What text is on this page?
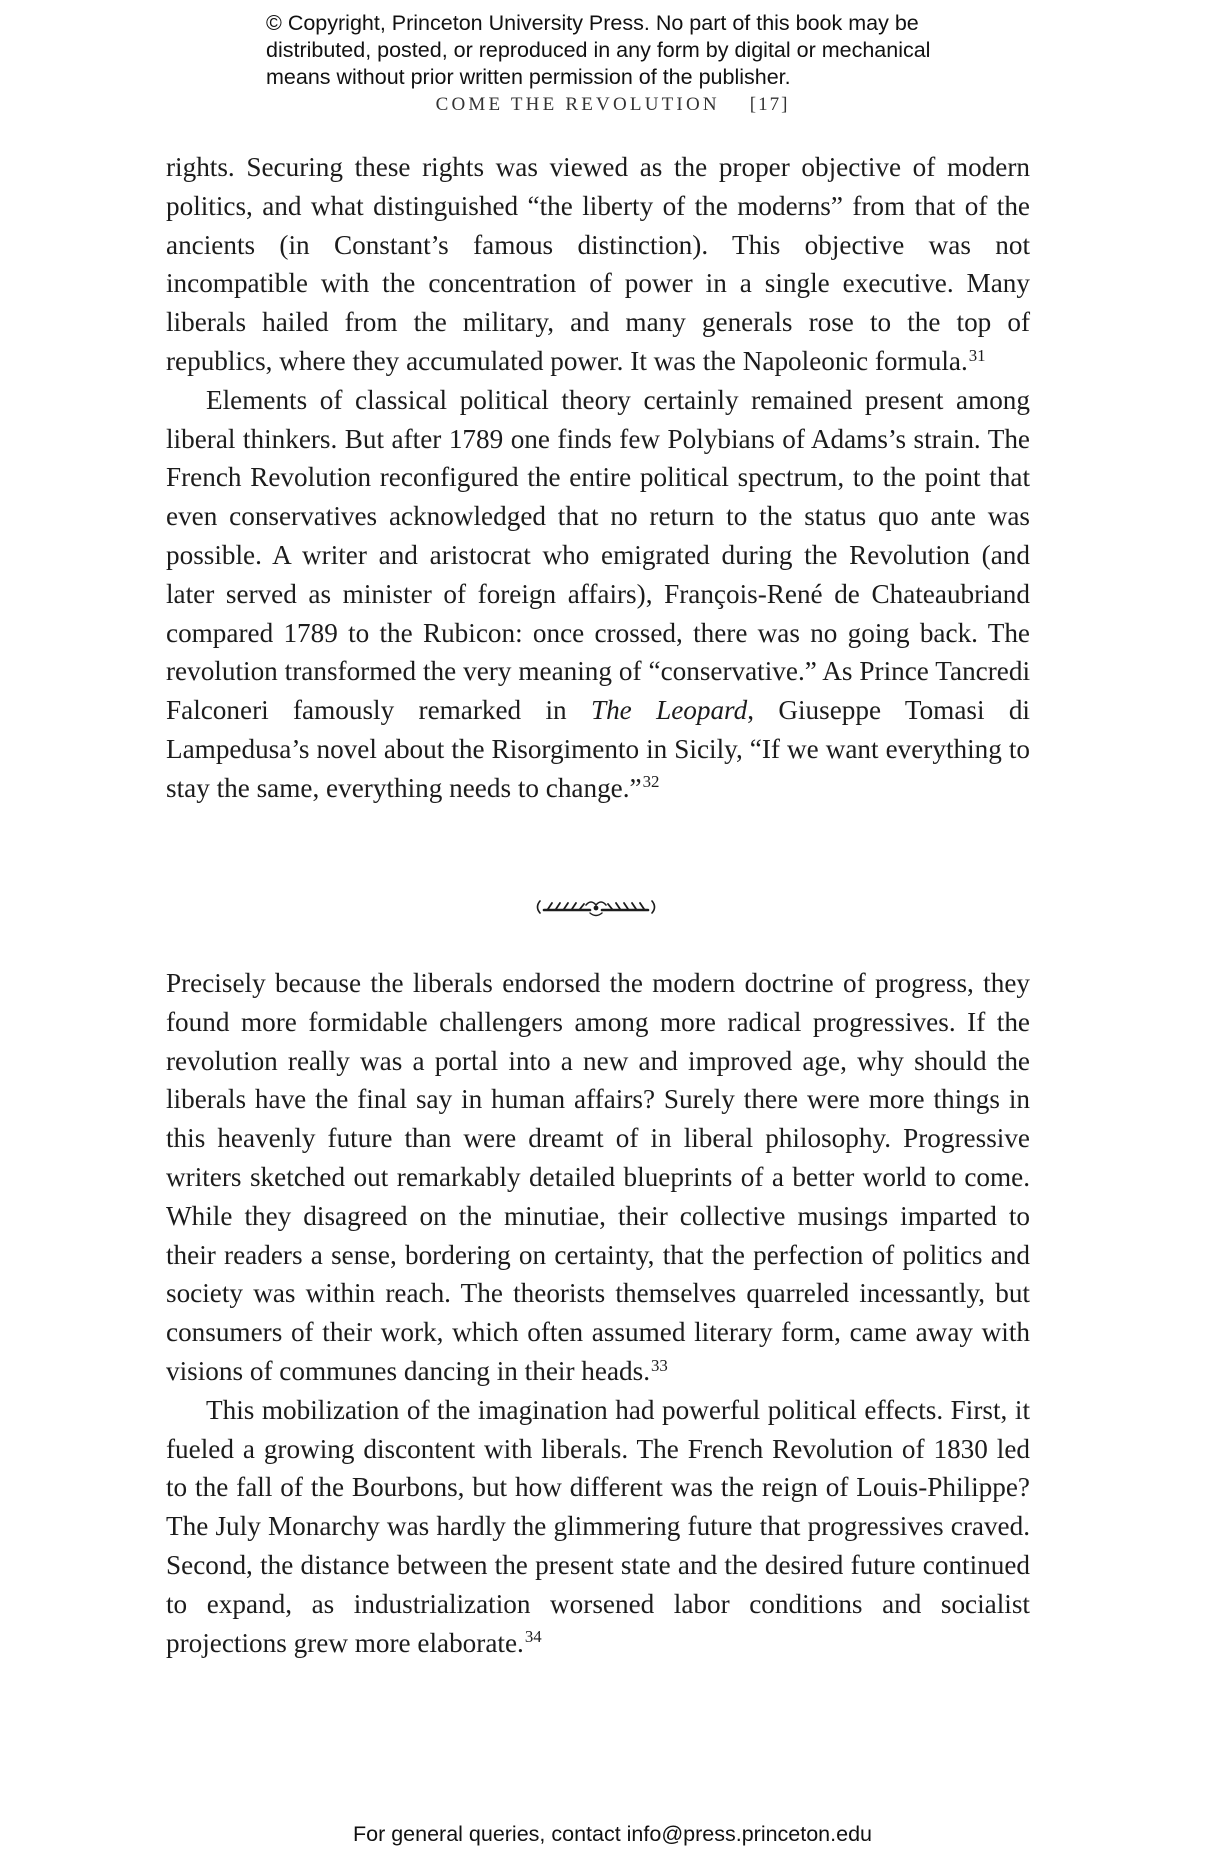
© Copyright, Princeton University Press. No part of this book may be
distributed, posted, or reproduced in any form by digital or mechanical
means without prior written permission of the publisher.
COME THE REVOLUTION [17]

rights. Securing these rights was viewed as the proper objective of modern politics, and what distinguished “the liberty of the moderns” from that of the ancients (in Constant’s famous distinction). This objective was not incompatible with the concentration of power in a single executive. Many liberals hailed from the military, and many generals rose to the top of republics, where they accumulated power. It was the Napoleonic formula.$^{31}$

Elements of classical political theory certainly remained present among liberal thinkers. But after 1789 one finds few Polybians of Adams’s strain. The French Revolution reconfigured the entire political spectrum, to the point that even conservatives acknowledged that no return to the status quo ante was possible. A writer and aristocrat who emigrated during the Revolution (and later served as minister of foreign affairs), François-René de Chateaubriand compared 1789 to the Rubicon: once crossed, there was no going back. The revolution transformed the very meaning of “conservative.” As Prince Tancredi Falconeri famously remarked in The Leopard, Giuseppe Tomasi di Lampedusa’s novel about the Risorgimento in Sicily, “If we want everything to stay the same, everything needs to change.”$^{32}$

Precisely because the liberals endorsed the modern doctrine of progress, they found more formidable challengers among more radical progressives. If the revolution really was a portal into a new and improved age, why should the liberals have the final say in human affairs? Surely there were more things in this heavenly future than were dreamt of in liberal philosophy. Progressive writers sketched out remarkably detailed blueprints of a better world to come. While they disagreed on the minutiae, their collective musings imparted to their readers a sense, bordering on certainty, that the perfection of politics and society was within reach. The theorists themselves quarreled incessantly, but consumers of their work, which often assumed literary form, came away with visions of communes dancing in their heads.$^{33}$

This mobilization of the imagination had powerful political effects. First, it fueled a growing discontent with liberals. The French Revolution of 1830 led to the fall of the Bourbons, but how different was the reign of Louis-Philippe? The July Monarchy was hardly the glimmering future that progressives craved. Second, the distance between the present state and the desired future continued to expand, as industrialization worsened labor conditions and socialist projections grew more elaborate.$^{34}$

For general queries, contact info@press.princeton.edu
